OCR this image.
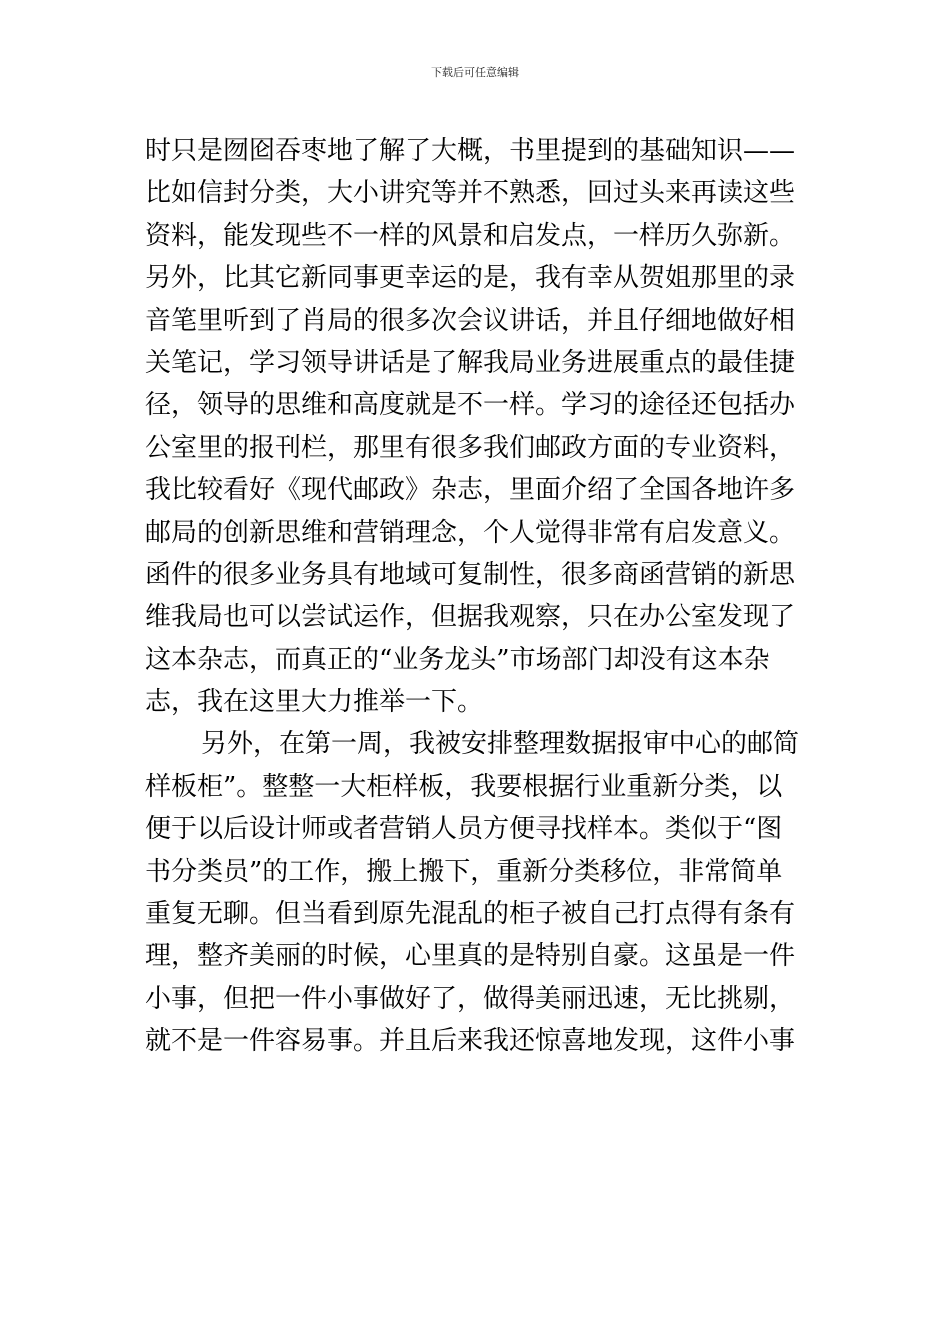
下载后可任意编辑
时只是囫囵吞枣地了解了大概，书里提到的基础知识——
比如信封分类，大小讲究等并不熟悉，回过头来再读这些
资料，能发现些不一样的风景和启发点，一样历久弥新。
另外，比其它新同事更幸运的是，我有幸从贺姐那里的录
音笔里听到了肖局的很多次会议讲话，并且仔细地做好相
关笔记，学习领导讲话是了解我局业务进展重点的最佳捷
径，领导的思维和高度就是不一样。学习的途径还包括办
公室里的报刊栏，那里有很多我们邮政方面的专业资料，
我比较看好《现代邮政》杂志，里面介绍了全国各地许多
邮局的创新思维和营销理念，个人觉得非常有启发意义。
函件的很多业务具有地域可复制性，很多商函营销的新思
维我局也可以尝试运作，但据我观察，只在办公室发现了
这本杂志，而真正的“业务龙头”市场部门却没有这本杂
志，我在这里大力推举一下。
另外，在第一周，我被安排整理数据报审中心的邮简
样板柜”。整整一大柜样板，我要根据行业重新分类，以
便于以后设计师或者营销人员方便寻找样本。类似于“图
书分类员”的工作，搬上搬下，重新分类移位，非常简单
重复无聊。但当看到原先混乱的柜子被自己打点得有条有
理，整齐美丽的时候，心里真的是特别自豪。这虽是一件
小事，但把一件小事做好了，做得美丽迅速，无比挑剔，
就不是一件容易事。并且后来我还惊喜地发现，这件小事
